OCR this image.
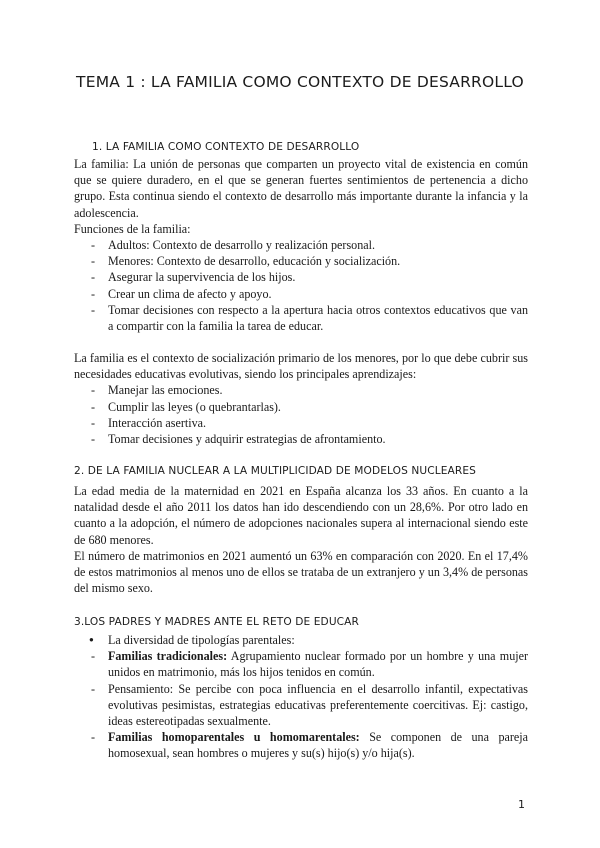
TEMA 1 : LA FAMILIA COMO CONTEXTO DE DESARROLLO
1. LA FAMILIA COMO CONTEXTO DE DESARROLLO
La familia: La unión de personas que comparten un proyecto vital de existencia en común que se quiere duradero, en el que se generan fuertes sentimientos de pertenencia a dicho grupo. Esta continua siendo el contexto de desarrollo más importante durante la infancia y la adolescencia.
Funciones de la familia:
- Adultos: Contexto de desarrollo y realización personal.
- Menores: Contexto de desarrollo, educación y socialización.
- Asegurar la supervivencia de los hijos.
- Crear un clima de afecto y apoyo.
- Tomar decisiones con respecto a la apertura hacia otros contextos educativos que van a compartir con la familia la tarea de educar.
La familia es el contexto de socialización primario de los menores, por lo que debe cubrir sus necesidades educativas evolutivas, siendo los principales aprendizajes:
- Manejar las emociones.
- Cumplir las leyes (o quebrantarlas).
- Interacción asertiva.
- Tomar decisiones y adquirir estrategias de afrontamiento.
2. DE LA FAMILIA NUCLEAR A LA MULTIPLICIDAD DE MODELOS NUCLEARES
La edad media de la maternidad en 2021 en España alcanza los 33 años. En cuanto a la natalidad desde el año 2011 los datos han ido descendiendo con un 28,6%. Por otro lado en cuanto a la adopción, el número de adopciones nacionales supera al internacional siendo este de 680 menores.
El número de matrimonios en 2021 aumentó un 63% en comparación con 2020. En el 17,4% de estos matrimonios al menos uno de ellos se trataba de un extranjero y un 3,4% de personas del mismo sexo.
3.LOS PADRES Y MADRES ANTE EL RETO DE EDUCAR
● La diversidad de tipologías parentales:
- Familias tradicionales: Agrupamiento nuclear formado por un hombre y una mujer unidos en matrimonio, más los hijos tenidos en común.
- Pensamiento: Se percibe con poca influencia en el desarrollo infantil, expectativas evolutivas pesimistas, estrategias educativas preferentemente coercitivas. Ej: castigo, ideas estereotipadas sexualmente.
- Familias homoparentales u homomarentales: Se componen de una pareja homosexual, sean hombres o mujeres y su(s) hijo(s) y/o hija(s).
1
